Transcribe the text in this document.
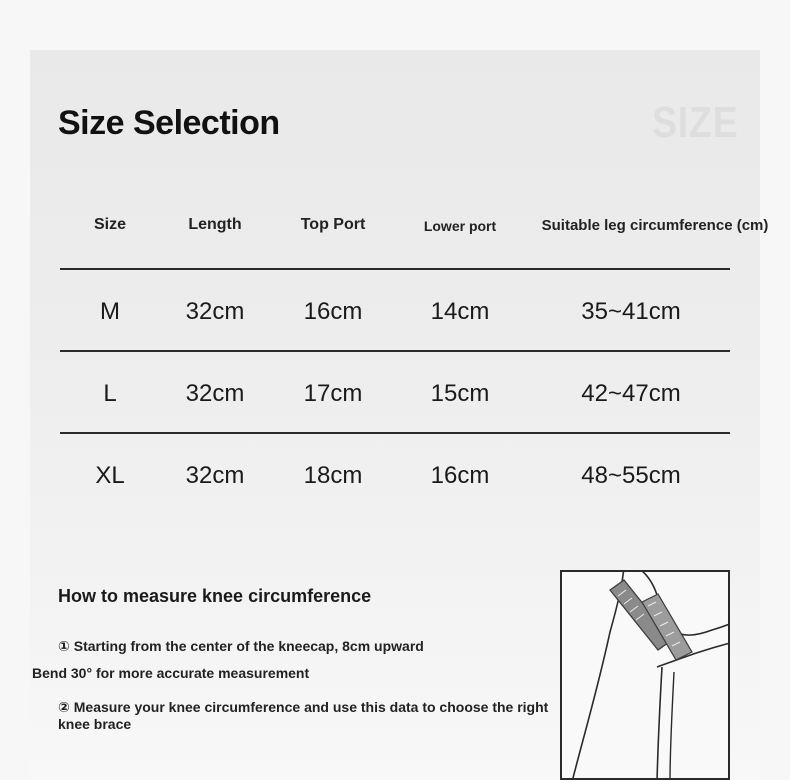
SIZE
Size Selection
Size	Length	Top Port	Lower port	Suitable leg circumference (cm)
M	32cm	16cm	14cm	35~41cm
L	32cm	17cm	15cm	42~47cm
XL	32cm	18cm	16cm	48~55cm
How to measure knee circumference
① Starting from the center of the kneecap, 8cm upward
Bend 30° for more accurate measurement
② Measure your knee circumference and use this data to choose the right
knee brace
